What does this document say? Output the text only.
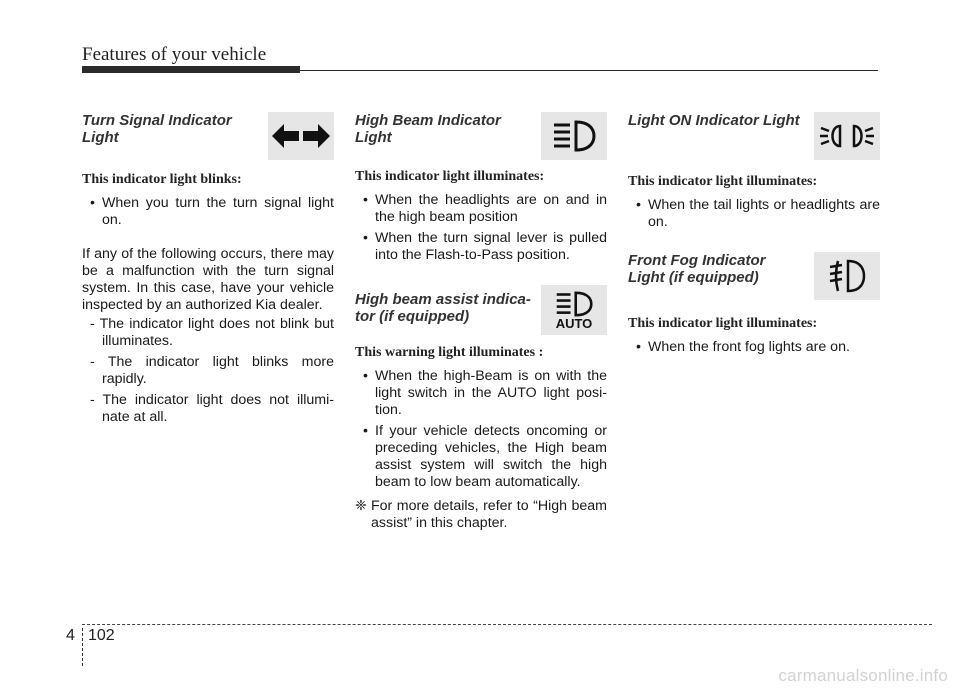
Features of your vehicle

Turn Signal Indicator
Light

This indicator light blinks:

• When you turn the turn signal light on.

If any of the following occurs, there may be a malfunction with the turn signal system. In this case, have your vehicle inspected by an authorized Kia dealer.

- The indicator light does not blink but illuminates.

- The indicator light blinks more rapidly.

- The indicator light does not illumi-nate at all.

High Beam Indicator
Light

This indicator light illuminates:

• When the headlights are on and in the high beam position

• When the turn signal lever is pulled into the Flash-to-Pass position.

High beam assist indica-
tor (if equipped)	AUTO

This warning light illuminates :

• When the high-Beam is on with the light switch in the AUTO light posi-tion.

• If your vehicle detects oncoming or preceding vehicles, the High beam assist system will switch the high beam to low beam automatically.

❈ For more details, refer to “High beam assist” in this chapter.

Light ON Indicator Light

This indicator light illuminates:

• When the tail lights or headlights are on.

Front Fog Indicator
Light (if equipped)

This indicator light illuminates:

• When the front fog lights are on.

4 102
carmanualsonline.info
